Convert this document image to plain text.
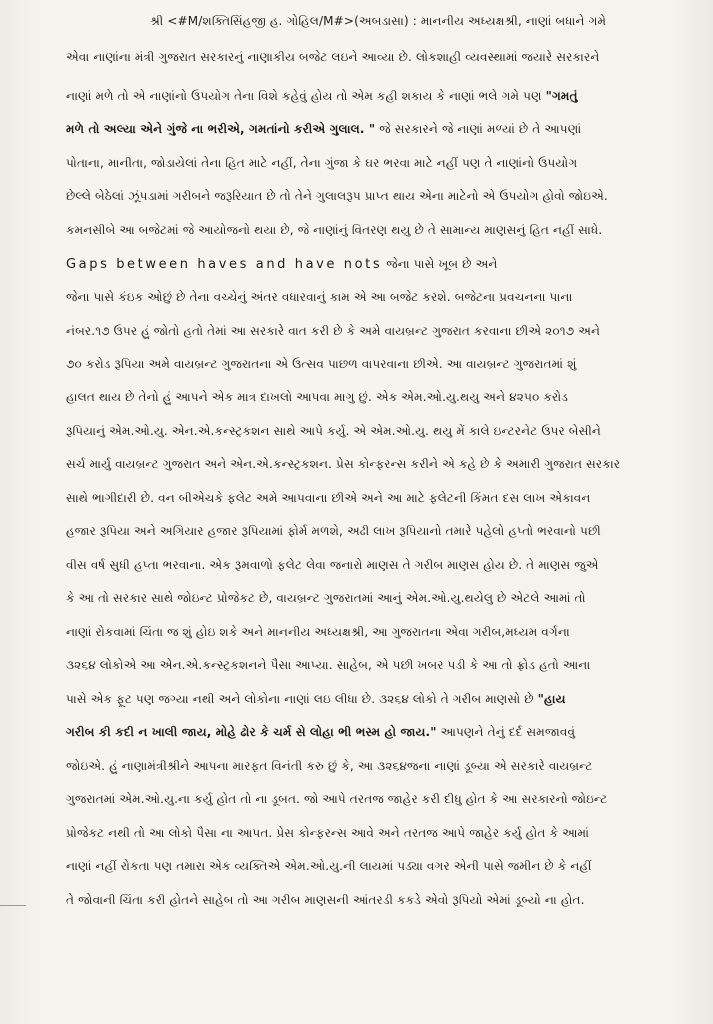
શ્રી <#M/શક્તિસિંહજી હ. ગોહિલ/M#>(અબડાસા) : માનનીય અધ્યક્ષશ્રી, નાણાં બધાને ગમે
એવા નાણાંના મંત્રી ગુજરાત સરકારનું નાણાકીય બજેટ લઇને આવ્યા છે. લોકશાહી વ્યવસ્થામાં જયારે સરકારને
નાણાં મળે તો એ નાણાંનો ઉપયોગ તેના વિશે કહેવું હોય તો એમ કહી શકાય કે નાણાં ભલે ગમે પણ "ગમતું
મળે તો અલ્યા એને ગુંજે ના ભરીએ, ગમતાંનો કરીએ ગુલાલ. " જે સરકારને જે નાણાં મળ્યાં છે તે આપણાં
પોતાના, માનીતા, જોડાયેલાં તેના હિત માટે નહીં, તેના ગુંજા કે ઘર ભરવા માટે નહીં પણ તે નાણાંનો ઉપયોગ
છેલ્લે બેઠેલાં ઝૂંપડામાં ગરીબને જરૂરિયાત છે તો તેને ગુલાલરૂપ પ્રાપ્ત થાય એના માટેનો એ ઉપયોગ હોવો જોઇએ.
કમનસીબે આ બજેટમાં જે આયોજનો થયા છે, જે નાણાંનું વિતરણ થયુ છે તે સામાન્ય માણસનું હિત નહીં સાધે.
Gaps between haves and have nots જેના પાસે ખૂબ છે અને
જેના પાસે કંઇક ઓછું છે તેના વચ્ચેનું અંતર વધારવાનું કામ એ આ બજેટ કરશે. બજેટના પ્રવચનના પાના
નંબર.૧૭ ઉપર હું જોતો હતો તેમાં આ સરકારે વાત કરી છે કે અમે વાયબ્રન્ટ ગુજરાત કરવાના છીએ ૨૦૧૭ અને
૭૦ કરોડ રૂપિયા અમે વાયબ્રન્ટ ગુજરાતના એ ઉત્સવ પાછળ વાપરવાના છીએ. આ વાયબ્રન્ટ ગુજરાતમાં શું
હાલત થાય છે તેનો હું આપને એક માત્ર દાખલો આપવા માગુ છું. એક એમ.ઓ.યુ.થયુ અને ૪૨૫૦ કરોડ
રૂપિયાનું એમ.ઓ.યુ. એન.એ.કન્સ્ટ્રકશન સાથે આપે કર્યુ. એ એમ.ઓ.યુ. થયુ મેં કાલે ઇન્ટરનેટ ઉપર બેસીને
સર્ચ માર્યુ વાયબ્રન્ટ ગુજરાત અને એન.એ.કન્સ્ટ્રકશન. પ્રેસ કોન્ફરન્સ કરીને એ કહે છે કે અમારી ગુજરાત સરકાર
સાથે ભાગીદારી છે. વન બીએચકે ફલેટ અમે આપવાના છીએ અને આ માટે ફલેટની કિંમત દસ લાખ એકાવન
હજાર રૂપિયા અને અગિયાર હજાર રૂપિયામાં ફોર્મ મળશે, અઢી લાખ રૂપિયાનો તમારે પહેલો હપ્તો ભરવાનો પછી
વીસ વર્ષ સુધી હપ્તા ભરવાના. એક રૂમવાળો ફલેટ લેવા જનારો માણસ તે ગરીબ માણસ હોય છે. તે માણસ જુએ
કે આ તો સરકાર સાથે જોઇન્ટ પ્રોજેકટ છે, વાયબ્રન્ટ ગુજરાતમાં આનું એમ.ઓ.યુ.થયેલુ છે એટલે આમાં તો
નાણાં રોકવામાં ચિંતા જ શું હોઇ શકે અને માનનીય અધ્યક્ષશ્રી, આ ગુજરાતના એવા ગરીબ,મધ્યમ વર્ગના
૩૨૬૪ લોકોએ આ એન.એ.કન્સ્ટ્રકશનને પૈસા આપ્યા. સાહેબ, એ પછી ખબર પડી કે આ તો ફ્રોડ હતો આના
પાસે એક ફૂટ પણ જગ્યા નથી અને લોકોના નાણાં લઇ લીધા છે. ૩૨૬૪ લોકો તે ગરીબ માણસો છે "હાય
ગરીબ કી કદી ન ખાલી જાય, મોહે ઢોર કે ચર્મ સે લોહા ભી ભસ્મ હો જાય." આપણને તેનું દર્દ સમજાવવું
જોઇએ. હું નાણામંત્રીશ્રીને આપના મારફત વિનંતી કરુ છું કે, આ ૩૨૬૪જના નાણાં ડૂબ્યા એ સરકારે વાયબ્રન્ટ
ગુજરાતમાં એમ.ઓ.યુ.ના કર્યુ હોત તો ના ડૂબત. જો આપે તરતજ જાહેર કરી દીધુ હોત કે આ સરકારનો જોઇન્ટ
પ્રોજેકટ નથી તો આ લોકો પૈસા ના આપત. પ્રેસ કોન્ફરન્સ આવે અને તરતજ આપે જાહેર કર્યુ હોત કે આમાં
નાણાં નહીં રોકતા પણ તમારા એક વ્યક્તિએ એમ.ઓ.યુ.ની લાયમાં પડ્યા વગર એની પાસે જમીન છે કે નહીં
તે જોવાની ચિંતા કરી હોતને સાહેબ તો આ ગરીબ માણસની આંતરડી કકડે એવો રૂપિયો એમાં ડૂબ્યો ના હોત.
